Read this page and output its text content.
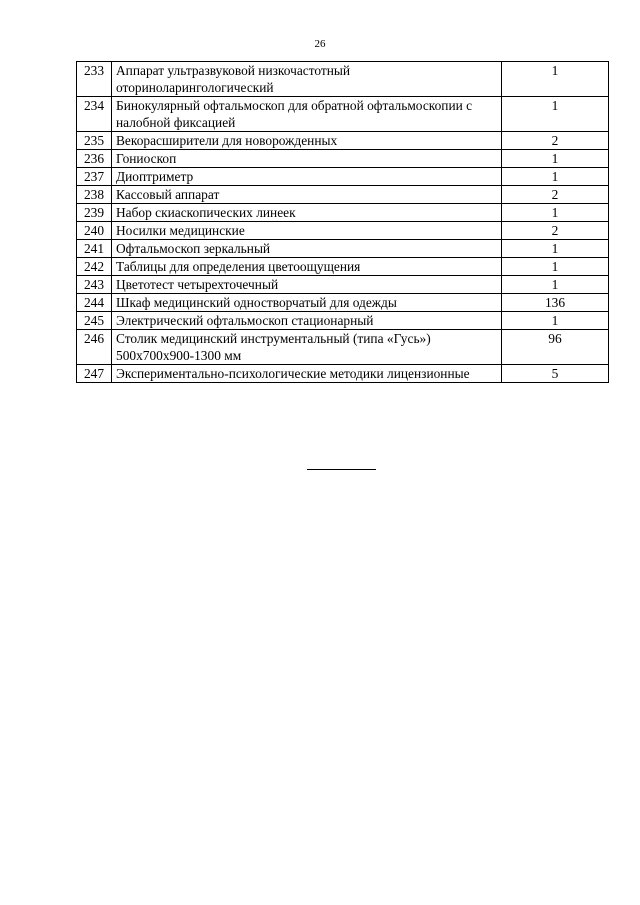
26
233	Аппарат ультразвуковой низкочастотный оториноларингологический	1
234	Бинокулярный офтальмоскоп для обратной офтальмоскопии с налобной фиксацией	1
235	Векорасширители для новорожденных	2
236	Гониоскоп	1
237	Диоптриметр	1
238	Кассовый аппарат	2
239	Набор скиаскопических линеек	1
240	Носилки медицинские	2
241	Офтальмоскоп зеркальный	1
242	Таблицы для определения цветоощущения	1
243	Цветотест четырехточечный	1
244	Шкаф медицинский одностворчатый для одежды	136
245	Электрический офтальмоскоп стационарный	1
246	Столик медицинский инструментальный (типа «Гусь») 500х700х900-1300 мм	96
247	Экспериментально-психологические методики лицензионные	5
